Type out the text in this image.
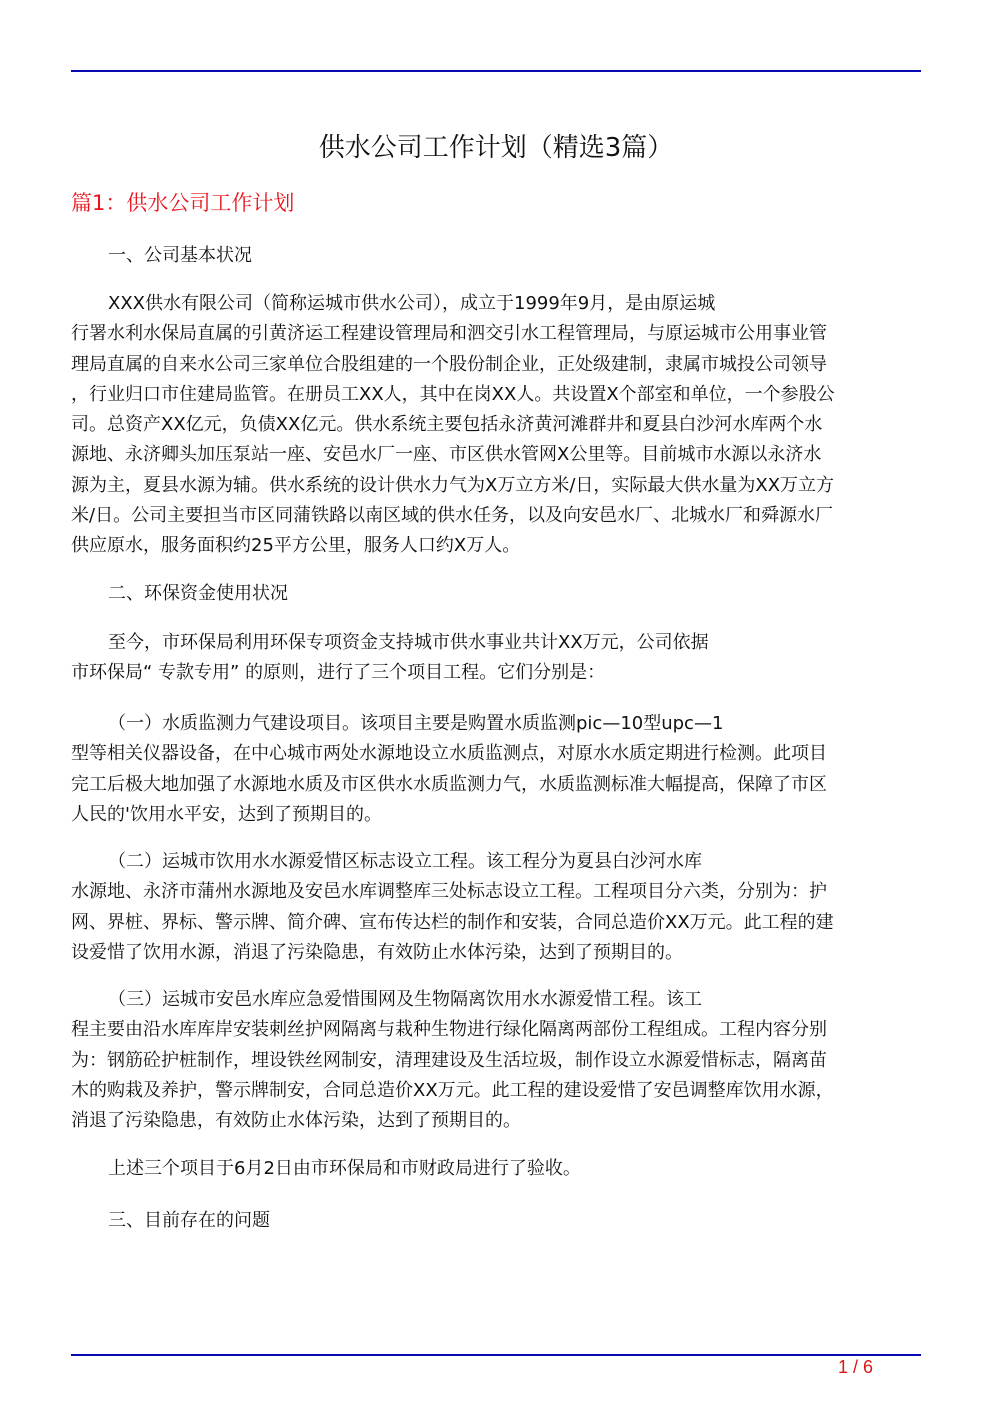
供水公司工作计划（精选3篇）
篇1：供水公司工作计划
一、公司基本状况
XXX供水有限公司（简称运城市供水公司），成立于1999年9月，是由原运城
行署水利水保局直属的引黄济运工程建设管理局和泗交引水工程管理局，与原运城市公用事业管
理局直属的自来水公司三家单位合股组建的一个股份制企业，正处级建制，隶属市城投公司领导
，行业归口市住建局监管。在册员工XX人，其中在岗XX人。共设置X个部室和单位，一个参股公
司。总资产XX亿元，负债XX亿元。供水系统主要包括永济黄河滩群井和夏县白沙河水库两个水
源地、永济卿头加压泵站一座、安邑水厂一座、市区供水管网X公里等。目前城市水源以永济水
源为主，夏县水源为辅。供水系统的设计供水力气为X万立方米/日，实际最大供水量为XX万立方
米/日。公司主要担当市区同蒲铁路以南区域的供水任务，以及向安邑水厂、北城水厂和舜源水厂
供应原水，服务面积约25平方公里，服务人口约X万人。
二、环保资金使用状况
至今，市环保局利用环保专项资金支持城市供水事业共计XX万元，公司依据
市环保局“ 专款专用” 的原则，进行了三个项目工程。它们分别是：
（一）水质监测力气建设项目。该项目主要是购置水质监测pic—10型upc—1
型等相关仪器设备，在中心城市两处水源地设立水质监测点，对原水水质定期进行检测。此项目
完工后极大地加强了水源地水质及市区供水水质监测力气，水质监测标准大幅提高，保障了市区
人民的'饮用水平安，达到了预期目的。
（二）运城市饮用水水源爱惜区标志设立工程。该工程分为夏县白沙河水库
水源地、永济市蒲州水源地及安邑水库调整库三处标志设立工程。工程项目分六类，分别为：护
网、界桩、界标、警示牌、简介碑、宣布传达栏的制作和安装，合同总造价XX万元。此工程的建
设爱惜了饮用水源，消退了污染隐患，有效防止水体污染，达到了预期目的。
（三）运城市安邑水库应急爱惜围网及生物隔离饮用水水源爱惜工程。该工
程主要由沿水库库岸安装刺丝护网隔离与栽种生物进行绿化隔离两部份工程组成。工程内容分别
为：钢筋砼护桩制作，埋设铁丝网制安，清理建设及生活垃圾，制作设立水源爱惜标志，隔离苗
木的购栽及养护，警示牌制安，合同总造价XX万元。此工程的建设爱惜了安邑调整库饮用水源，
消退了污染隐患，有效防止水体污染，达到了预期目的。
上述三个项目于6月2日由市环保局和市财政局进行了验收。
三、目前存在的问题
1 / 6
